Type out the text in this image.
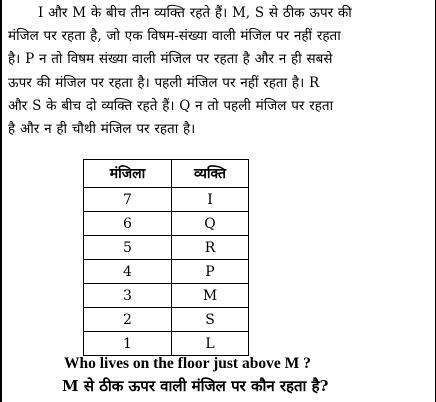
I और M के बीच तीन व्यक्ति रहते हैं। M, S से ठीक ऊपर की
मंजिल पर रहता है, जो एक विषम-संख्या वाली मंजिल पर नहीं रहता
है। P न तो विषम संख्या वाली मंजिल पर रहता है और न ही सबसे
ऊपर की मंजिल पर रहता है। पहली मंजिल पर नहीं रहता है। R
और S के बीच दो व्यक्ति रहते हैं। Q न तो पहली मंजिल पर रहता
है और न ही चौथी मंजिल पर रहता है।
मंजिला	व्यक्ति
7	I
6	Q
5	R
4	P
3	M
2	S
1	L
Who lives on the floor just above M ?
M से ठीक ऊपर वाली मंजिल पर कौन रहता है?
